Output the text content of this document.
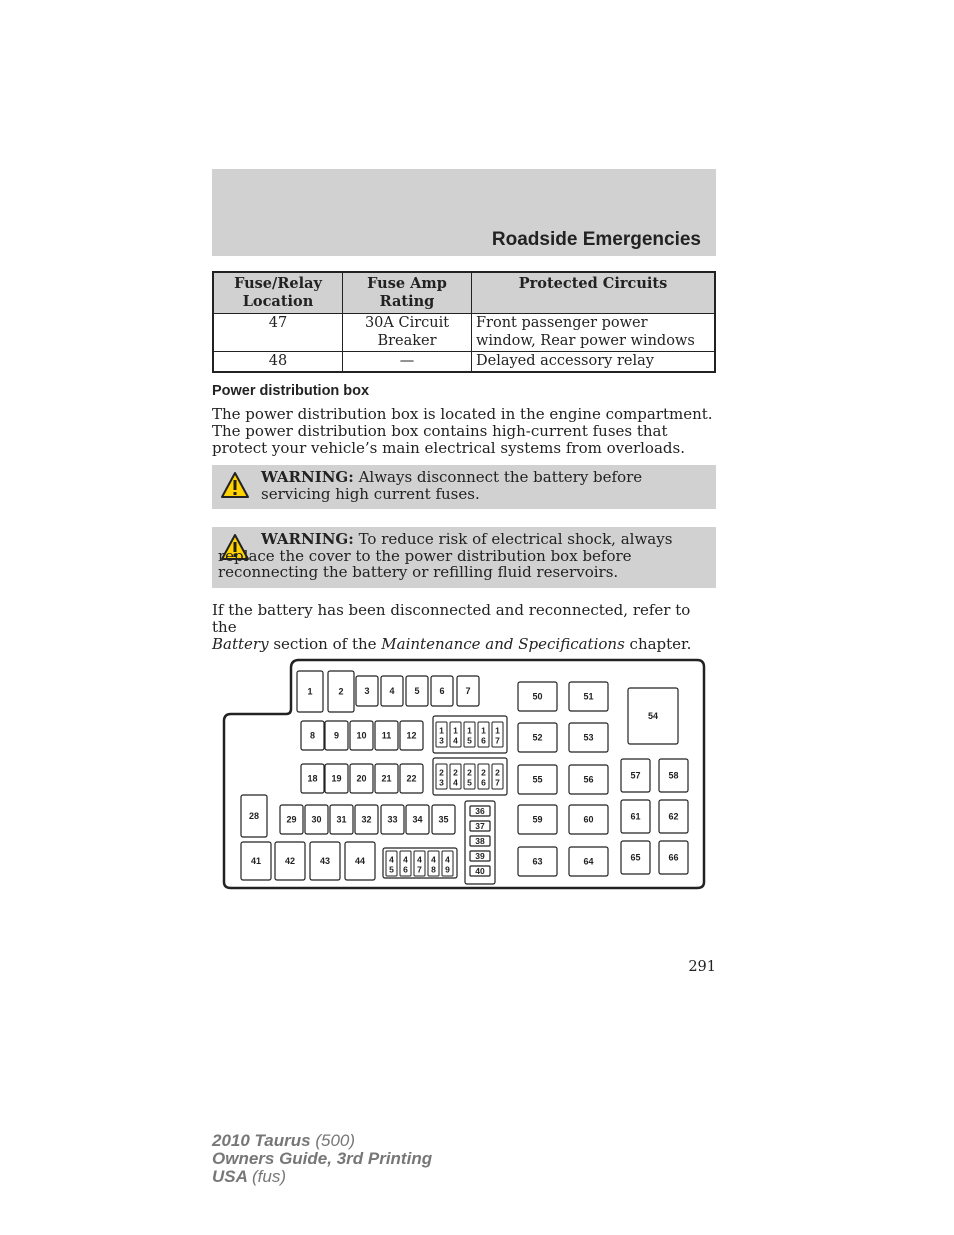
Roadside Emergencies
Fuse/Relay Location	Fuse Amp Rating	Protected Circuits
47	30A Circuit Breaker	Front passenger power window, Rear power windows
48	—	Delayed accessory relay
Power distribution box

The power distribution box is located in the engine compartment. The power distribution box contains high-current fuses that protect your vehicle’s main electrical systems from overloads.

WARNING: Always disconnect the battery before servicing high current fuses.

WARNING: To reduce risk of electrical shock, always replace the cover to the power distribution box before reconnecting the battery or refilling fluid reservoirs.

If the battery has been disconnected and reconnected, refer to the
Battery section of the Maintenance and Specifications chapter.

1	2 3 4 5 6 7
8 9 10 11 12
1
3
1
4
1
5
1
6
1
7
18 19 20 21 22
2
3
2
4
2
5
2
6
2
7
28	29 30 31 32 33 34 35
36
37
38
39
40
41	42	43	44	4
5
4
6
4
7
4
8
4
9
50	51
52	53
54
55	56	57	58
59	60	61	62
63	64	65	66
291
2010 Taurus (500)
Owners Guide, 3rd Printing
USA (fus)
